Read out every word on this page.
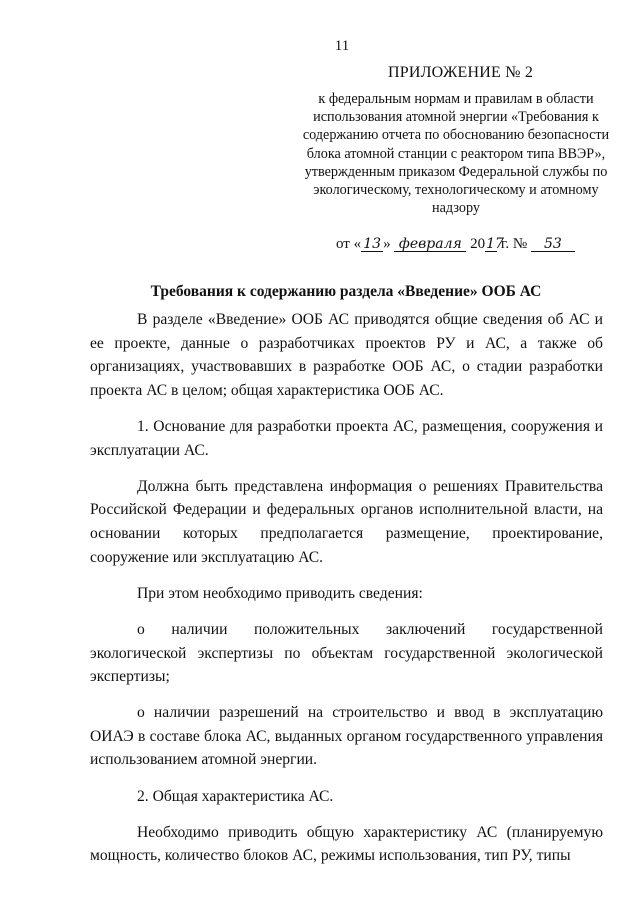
11
ПРИЛОЖЕНИЕ № 2
к федеральным нормам и правилам в области использования атомной энергии «Требования к содержанию отчета по обоснованию безопасности блока атомной станции с реактором типа ВВЭР», утвержденным приказом Федеральной службы по экологическому, технологическому и атомному надзору
от « 13 » февраля 2017 г. № 53
Требования к содержанию раздела «Введение» ООБ АС

В разделе «Введение» ООБ АС приводятся общие сведения об АС и ее проекте, данные о разработчиках проектов РУ и АС, а также об организациях, участвовавших в разработке ООБ АС, о стадии разработки проекта АС в целом; общая характеристика ООБ АС.

1. Основание для разработки проекта АС, размещения, сооружения и эксплуатации АС.

Должна быть представлена информация о решениях Правительства Российской Федерации и федеральных органов исполнительной власти, на основании которых предполагается размещение, проектирование, сооружение или эксплуатацию АС.

При этом необходимо приводить сведения:

о наличии положительных заключений государственной экологической экспертизы по объектам государственной экологической экспертизы;

о наличии разрешений на строительство и ввод в эксплуатацию ОИАЭ в составе блока АС, выданных органом государственного управления использованием атомной энергии.

2. Общая характеристика АС.

Необходимо приводить общую характеристику АС (планируемую мощность, количество блоков АС, режимы использования, тип РУ, типы
